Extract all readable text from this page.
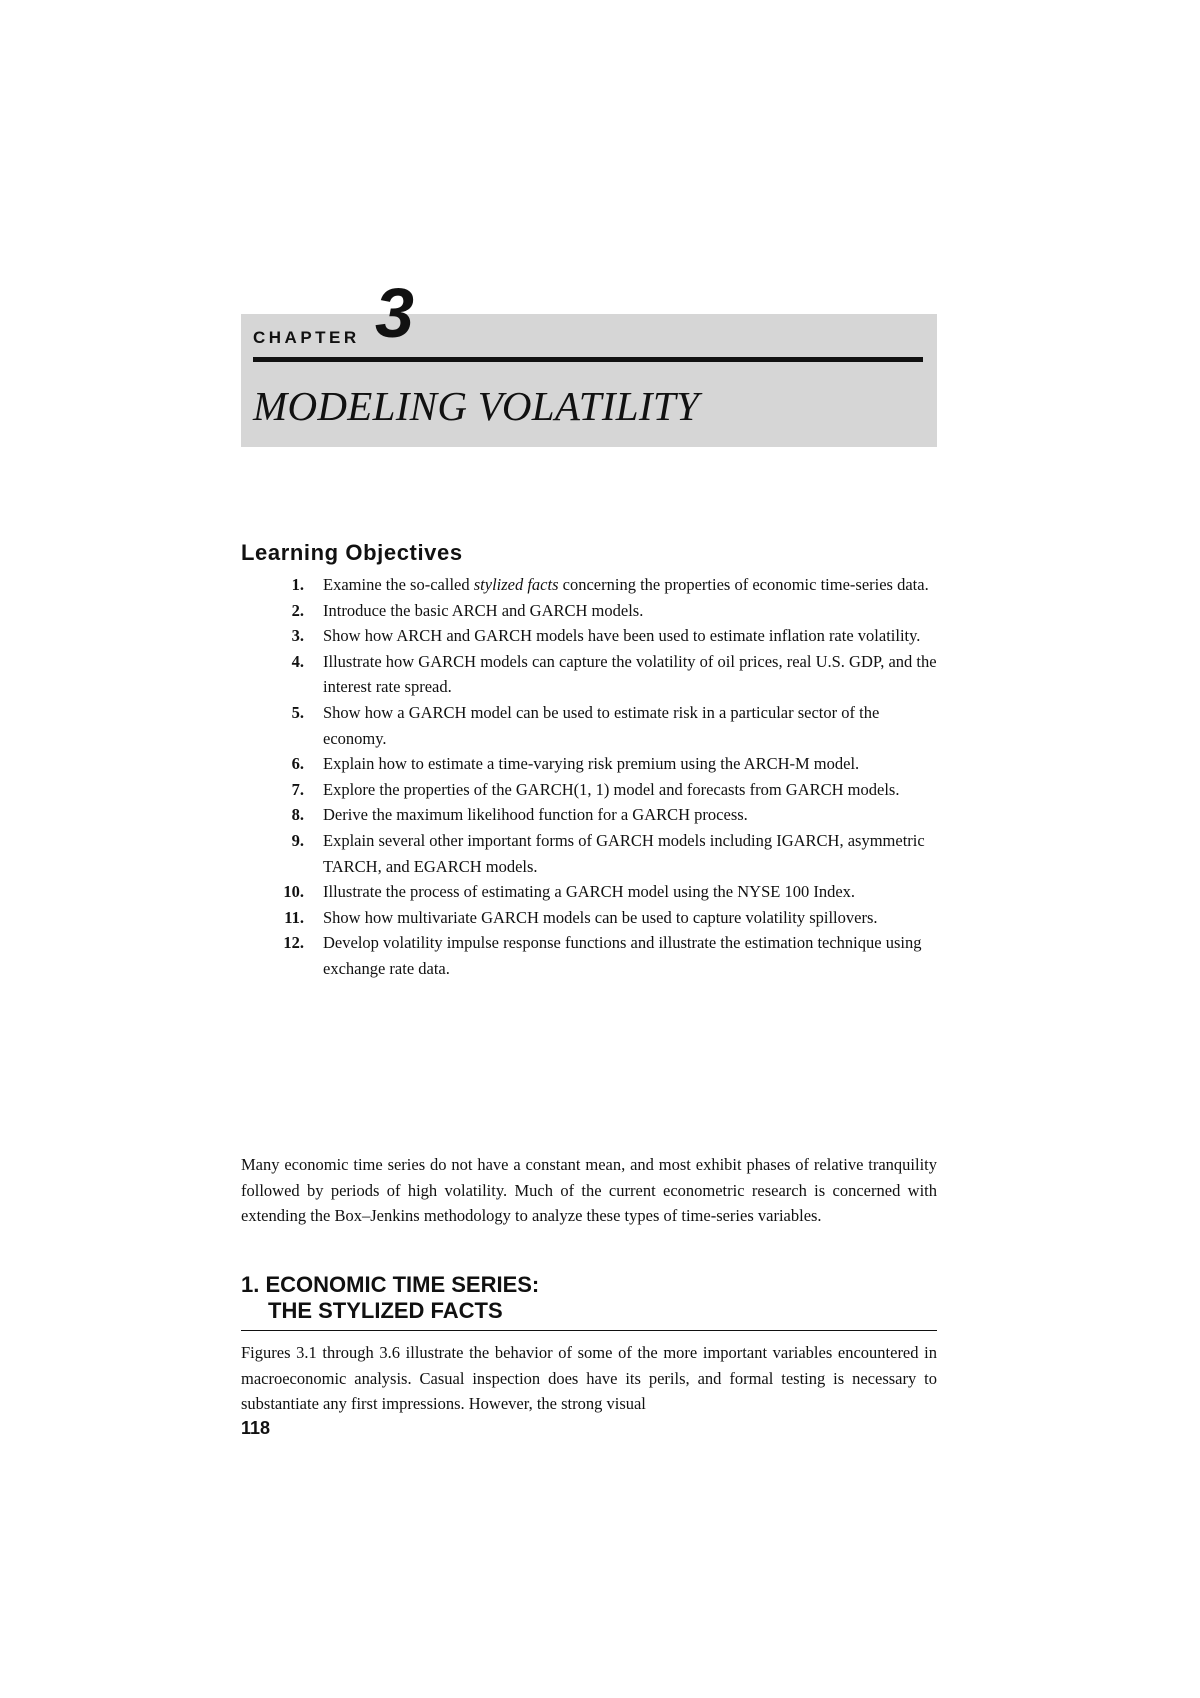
CHAPTER 3
MODELING VOLATILITY
Learning Objectives
1. Examine the so-called stylized facts concerning the properties of economic time-series data.
2. Introduce the basic ARCH and GARCH models.
3. Show how ARCH and GARCH models have been used to estimate inflation rate volatility.
4. Illustrate how GARCH models can capture the volatility of oil prices, real U.S. GDP, and the interest rate spread.
5. Show how a GARCH model can be used to estimate risk in a particular sector of the economy.
6. Explain how to estimate a time-varying risk premium using the ARCH-M model.
7. Explore the properties of the GARCH(1, 1) model and forecasts from GARCH models.
8. Derive the maximum likelihood function for a GARCH process.
9. Explain several other important forms of GARCH models including IGARCH, asymmetric TARCH, and EGARCH models.
10. Illustrate the process of estimating a GARCH model using the NYSE 100 Index.
11. Show how multivariate GARCH models can be used to capture volatility spillovers.
12. Develop volatility impulse response functions and illustrate the estimation technique using exchange rate data.

Many economic time series do not have a constant mean, and most exhibit phases of relative tranquility followed by periods of high volatility. Much of the current econometric research is concerned with extending the Box–Jenkins methodology to analyze these types of time-series variables.

1. ECONOMIC TIME SERIES:
THE STYLIZED FACTS

Figures 3.1 through 3.6 illustrate the behavior of some of the more important variables encountered in macroeconomic analysis. Casual inspection does have its perils, and formal testing is necessary to substantiate any first impressions. However, the strong visual

118
